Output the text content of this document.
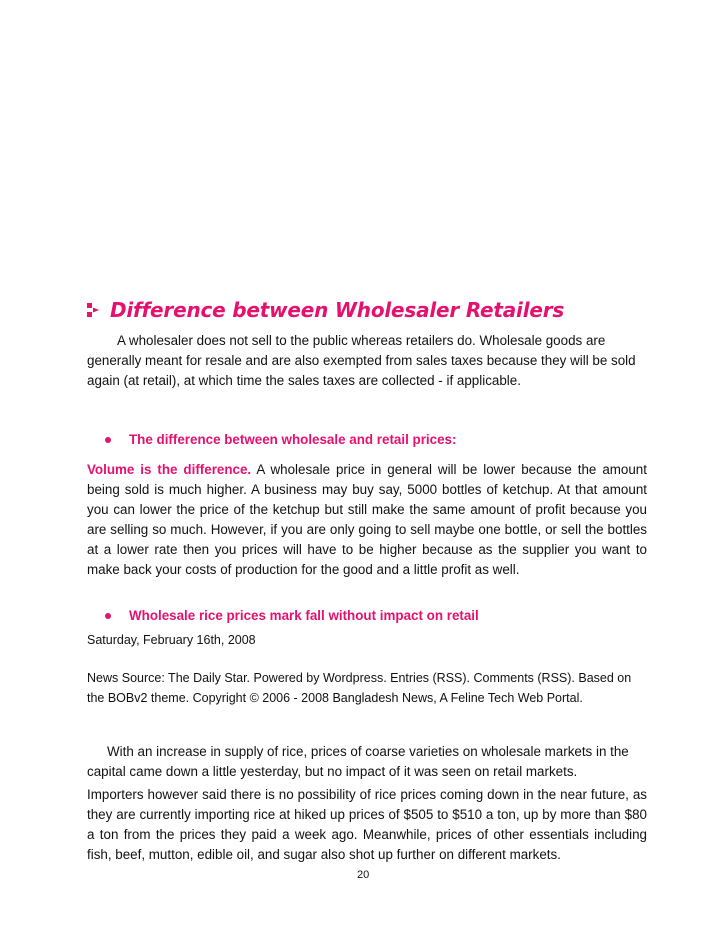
Difference between Wholesaler Retailers

A wholesaler does not sell to the public whereas retailers do. Wholesale goods are generally meant for resale and are also exempted from sales taxes because they will be sold again (at retail), at which time the sales taxes are collected - if applicable.

The difference between wholesale and retail prices:

Volume is the difference. A wholesale price in general will be lower because the amount being sold is much higher. A business may buy say, 5000 bottles of ketchup. At that amount you can lower the price of the ketchup but still make the same amount of profit because you are selling so much. However, if you are only going to sell maybe one bottle, or sell the bottles at a lower rate then you prices will have to be higher because as the supplier you want to make back your costs of production for the good and a little profit as well.

Wholesale rice prices mark fall without impact on retail
Saturday, February 16th, 2008

News Source: The Daily Star. Powered by Wordpress. Entries (RSS). Comments (RSS). Based on the BOBv2 theme. Copyright © 2006 - 2008 Bangladesh News, A Feline Tech Web Portal.

With an increase in supply of rice, prices of coarse varieties on wholesale markets in the capital came down a little yesterday, but no impact of it was seen on retail markets.

Importers however said there is no possibility of rice prices coming down in the near future, as they are currently importing rice at hiked up prices of $505 to $510 a ton, up by more than $80 a ton from the prices they paid a week ago. Meanwhile, prices of other essentials including fish, beef, mutton, edible oil, and sugar also shot up further on different markets.

20
